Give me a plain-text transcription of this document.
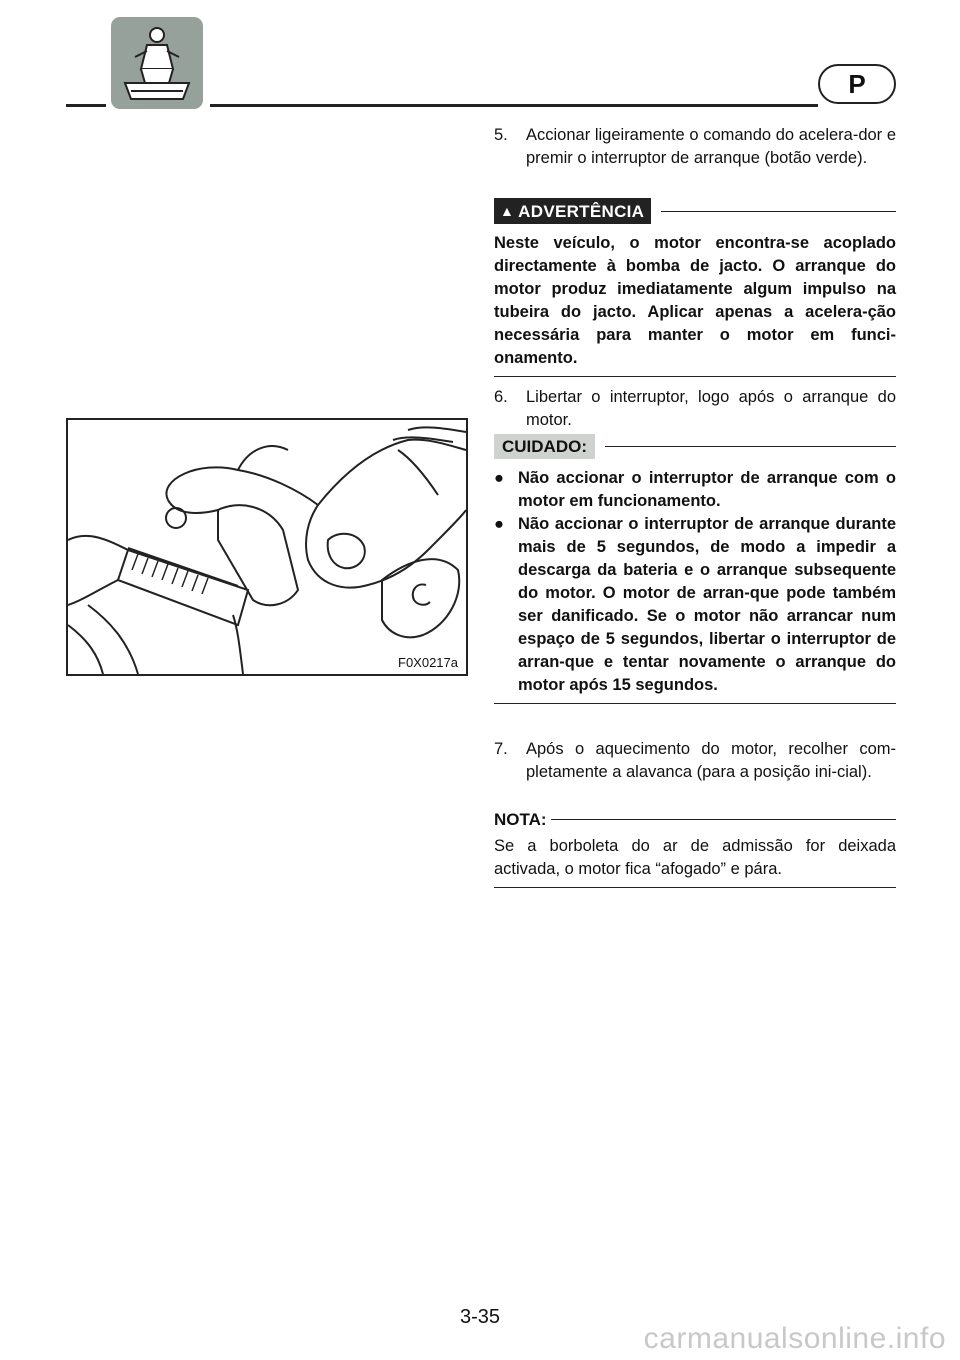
P
F0X0217a
5. Accionar ligeiramente o comando do acelera-dor e premir o interruptor de arranque (botão verde).
▲ ADVERTÊNCIA
Neste veículo, o motor encontra-se acoplado directamente à bomba de jacto. O arranque do motor produz imediatamente algum impulso na tubeira do jacto. Aplicar apenas a acelera-ção necessária para manter o motor em funci-onamento.
6. Libertar o interruptor, logo após o arranque do motor.
CUIDADO:
● Não accionar o interruptor de arranque com o motor em funcionamento.
● Não accionar o interruptor de arranque durante mais de 5 segundos, de modo a impedir a descarga da bateria e o arranque subsequente do motor. O motor de arran-que pode também ser danificado. Se o motor não arrancar num espaço de 5 segundos, libertar o interruptor de arran-que e tentar novamente o arranque do motor após 15 segundos.
7. Após o aquecimento do motor, recolher com-pletamente a alavanca (para a posição ini-cial).
NOTA:
Se a borboleta do ar de admissão for deixada activada, o motor fica “afogado” e pára.
3-35
carmanualsonline.info
